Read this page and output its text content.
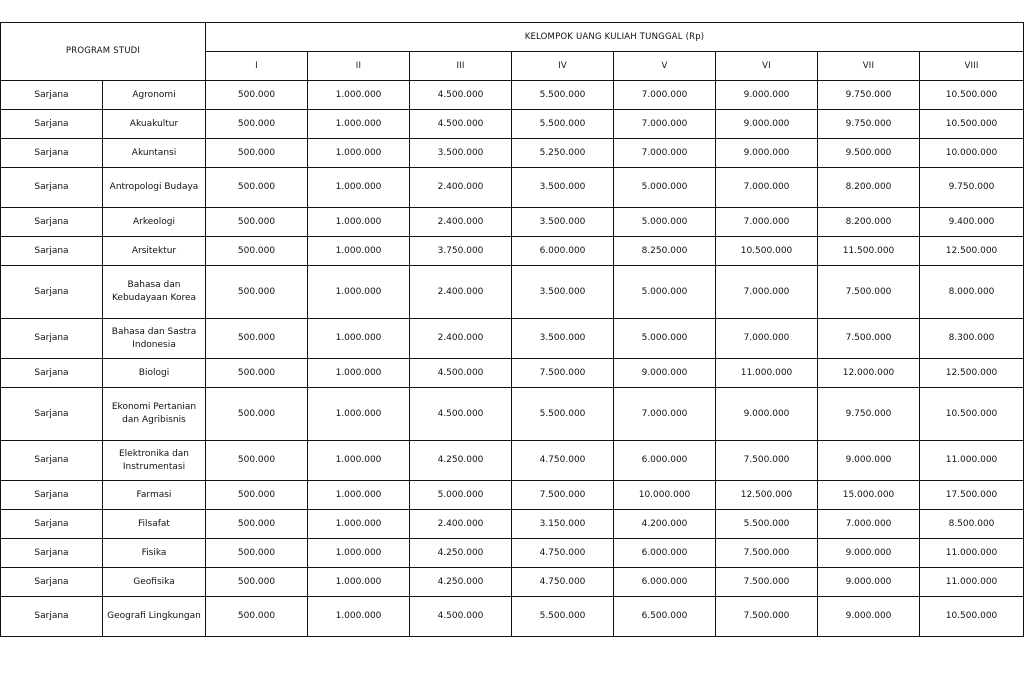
PROGRAM STUDI		KELOMPOK UANG KULIAH TUNGGAL (Rp)							
		I	II	III	IV	V	VI	VII	VIII
Sarjana	Agronomi	500.000	1.000.000	4.500.000	5.500.000	7.000.000	9.000.000	9.750.000	10.500.000
Sarjana	Akuakultur	500.000	1.000.000	4.500.000	5.500.000	7.000.000	9.000.000	9.750.000	10.500.000
Sarjana	Akuntansi	500.000	1.000.000	3.500.000	5.250.000	7.000.000	9.000.000	9.500.000	10.000.000
Sarjana	Antropologi Budaya	500.000	1.000.000	2.400.000	3.500.000	5.000.000	7.000.000	8.200.000	9.750.000
Sarjana	Arkeologi	500.000	1.000.000	2.400.000	3.500.000	5.000.000	7.000.000	8.200.000	9.400.000
Sarjana	Arsitektur	500.000	1.000.000	3.750.000	6.000.000	8.250.000	10.500.000	11.500.000	12.500.000
Sarjana	Bahasa dan Kebudayaan Korea	500.000	1.000.000	2.400.000	3.500.000	5.000.000	7.000.000	7.500.000	8.000.000
Sarjana	Bahasa dan Sastra Indonesia	500.000	1.000.000	2.400.000	3.500.000	5.000.000	7.000.000	7.500.000	8.300.000
Sarjana	Biologi	500.000	1.000.000	4.500.000	7.500.000	9.000.000	11.000.000	12.000.000	12.500.000
Sarjana	Ekonomi Pertanian dan Agribisnis	500.000	1.000.000	4.500.000	5.500.000	7.000.000	9.000.000	9.750.000	10.500.000
Sarjana	Elektronika dan Instrumentasi	500.000	1.000.000	4.250.000	4.750.000	6.000.000	7.500.000	9.000.000	11.000.000
Sarjana	Farmasi	500.000	1.000.000	5.000.000	7.500.000	10.000.000	12.500.000	15.000.000	17.500.000
Sarjana	Filsafat	500.000	1.000.000	2.400.000	3.150.000	4.200.000	5.500.000	7.000.000	8.500.000
Sarjana	Fisika	500.000	1.000.000	4.250.000	4.750.000	6.000.000	7.500.000	9.000.000	11.000.000
Sarjana	Geofisika	500.000	1.000.000	4.250.000	4.750.000	6.000.000	7.500.000	9.000.000	11.000.000
Sarjana	Geografi Lingkungan	500.000	1.000.000	4.500.000	5.500.000	6.500.000	7.500.000	9.000.000	10.500.000
